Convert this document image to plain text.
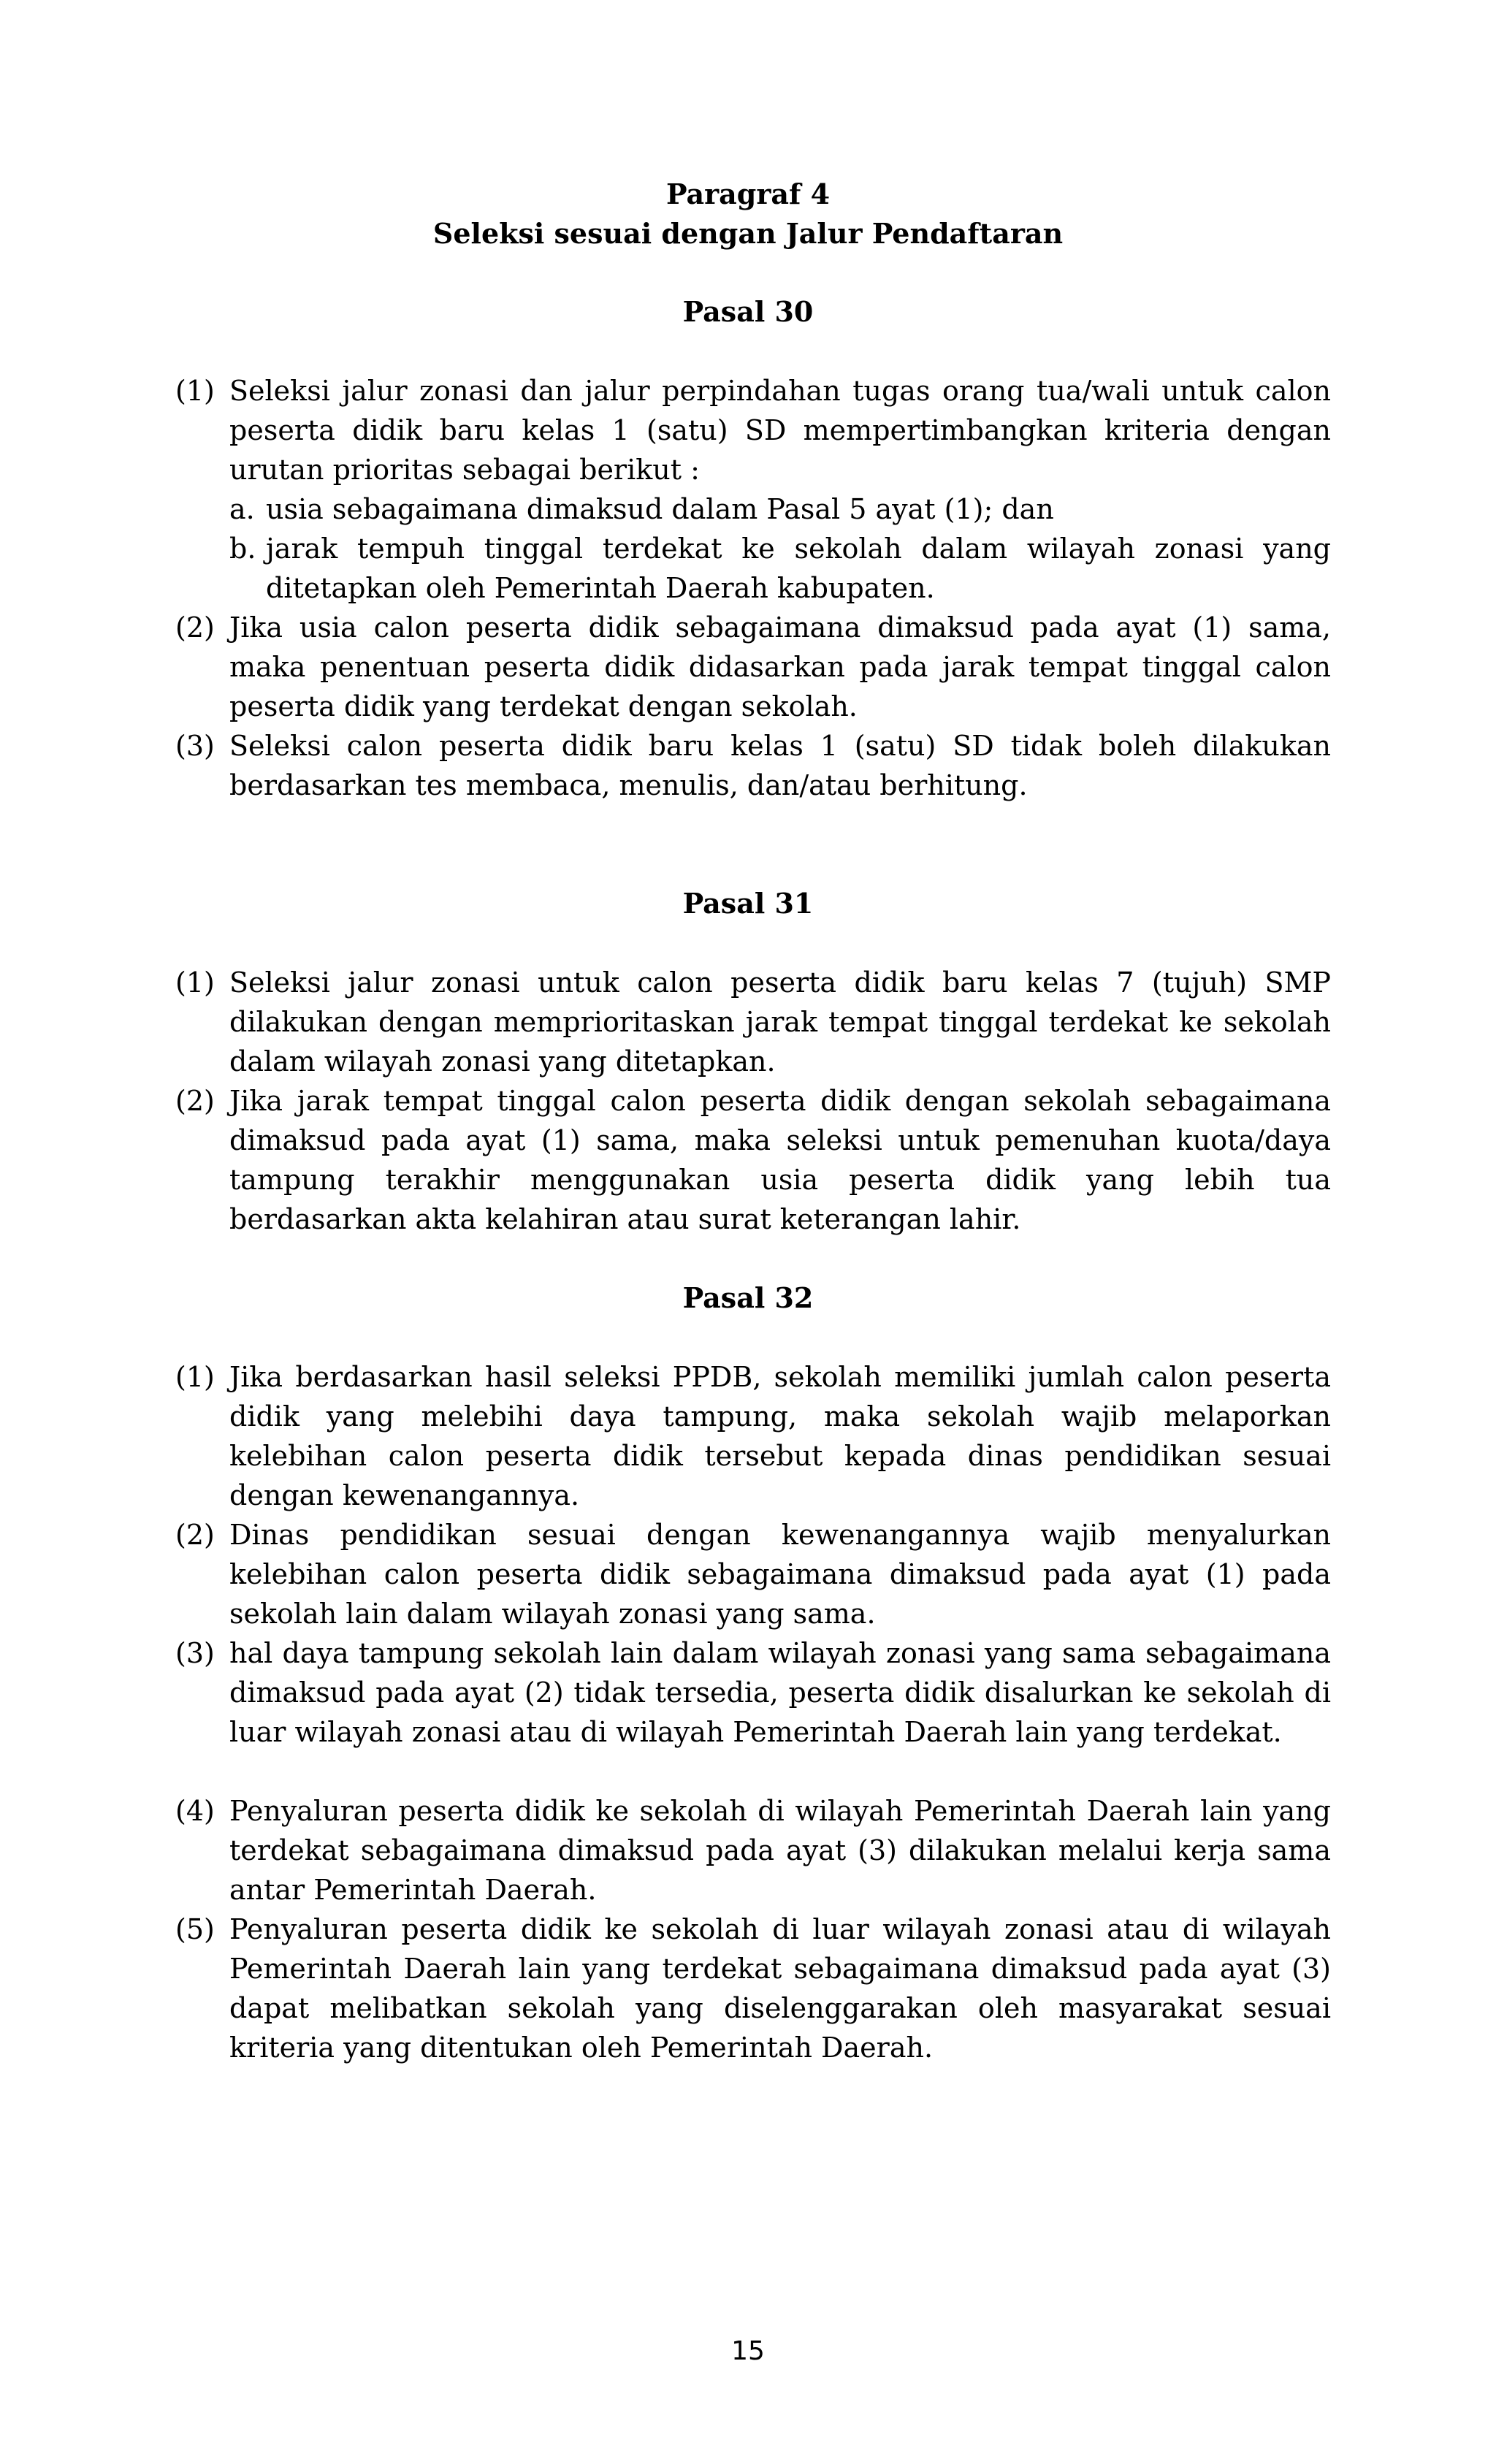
Paragraf 4
Seleksi sesuai dengan Jalur Pendaftaran
Pasal 30
(1) Seleksi jalur zonasi dan jalur perpindahan tugas orang tua/wali untuk calon peserta didik baru kelas 1 (satu) SD mempertimbangkan kriteria dengan urutan prioritas sebagai berikut :
a. usia sebagaimana dimaksud dalam Pasal 5 ayat (1); dan
b. jarak tempuh tinggal terdekat ke sekolah dalam wilayah zonasi yang ditetapkan oleh Pemerintah Daerah kabupaten.
(2) Jika usia calon peserta didik sebagaimana dimaksud pada ayat (1) sama, maka penentuan peserta didik didasarkan pada jarak tempat tinggal calon peserta didik yang terdekat dengan sekolah.
(3) Seleksi calon peserta didik baru kelas 1 (satu) SD tidak boleh dilakukan berdasarkan tes membaca, menulis, dan/atau berhitung.
Pasal 31
(1) Seleksi jalur zonasi untuk calon peserta didik baru kelas 7 (tujuh) SMP dilakukan dengan memprioritaskan jarak tempat tinggal terdekat ke sekolah dalam wilayah zonasi yang ditetapkan.
(2) Jika jarak tempat tinggal calon peserta didik dengan sekolah sebagaimana dimaksud pada ayat (1) sama, maka seleksi untuk pemenuhan kuota/daya tampung terakhir menggunakan usia peserta didik yang lebih tua berdasarkan akta kelahiran atau surat keterangan lahir.
Pasal 32
(1) Jika berdasarkan hasil seleksi PPDB, sekolah memiliki jumlah calon peserta didik yang melebihi daya tampung, maka sekolah wajib melaporkan kelebihan calon peserta didik tersebut kepada dinas pendidikan sesuai dengan kewenangannya.
(2) Dinas pendidikan sesuai dengan kewenangannya wajib menyalurkan kelebihan calon peserta didik sebagaimana dimaksud pada ayat (1) pada sekolah lain dalam wilayah zonasi yang sama.
(3) hal daya tampung sekolah lain dalam wilayah zonasi yang sama sebagaimana dimaksud pada ayat (2) tidak tersedia, peserta didik disalurkan ke sekolah di luar wilayah zonasi atau di wilayah Pemerintah Daerah lain yang terdekat.
(4) Penyaluran peserta didik ke sekolah di wilayah Pemerintah Daerah lain yang terdekat sebagaimana dimaksud pada ayat (3) dilakukan melalui kerja sama antar Pemerintah Daerah.
(5) Penyaluran peserta didik ke sekolah di luar wilayah zonasi atau di wilayah Pemerintah Daerah lain yang terdekat sebagaimana dimaksud pada ayat (3) dapat melibatkan sekolah yang diselenggarakan oleh masyarakat sesuai kriteria yang ditentukan oleh Pemerintah Daerah.
15
